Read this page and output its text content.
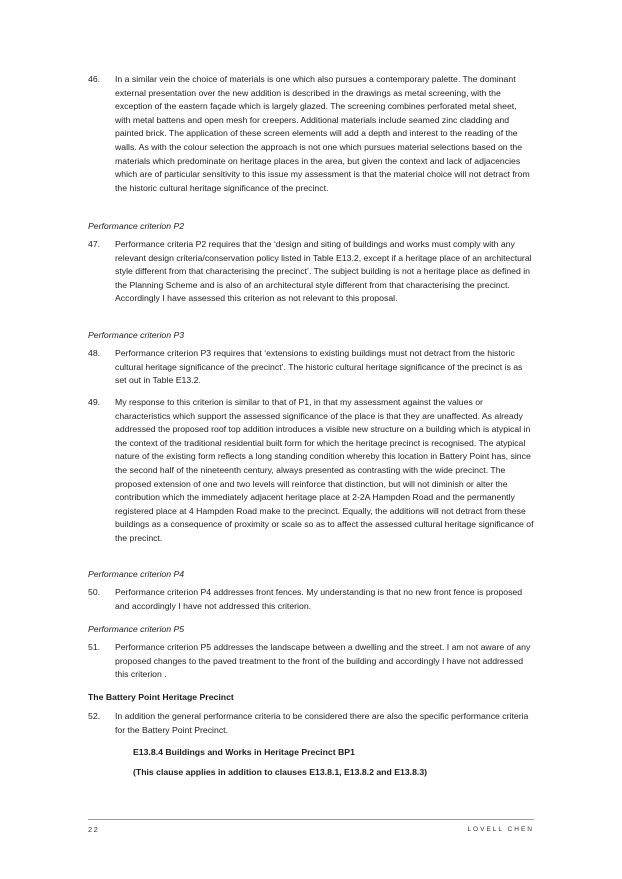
46. In a similar vein the choice of materials is one which also pursues a contemporary palette. The dominant external presentation over the new addition is described in the drawings as metal screening, with the exception of the eastern façade which is largely glazed. The screening combines perforated metal sheet, with metal battens and open mesh for creepers. Additional materials include seamed zinc cladding and painted brick. The application of these screen elements will add a depth and interest to the reading of the walls. As with the colour selection the approach is not one which pursues material selections based on the materials which predominate on heritage places in the area, but given the context and lack of adjacencies which are of particular sensitivity to this issue my assessment is that the material choice will not detract from the historic cultural heritage significance of the precinct.
Performance criterion P2
47. Performance criteria P2 requires that the ‘design and siting of buildings and works must comply with any relevant design criteria/conservation policy listed in Table E13.2, except if a heritage place of an architectural style different from that characterising the precinct’. The subject building is not a heritage place as defined in the Planning Scheme and is also of an architectural style different from that characterising the precinct. Accordingly I have assessed this criterion as not relevant to this proposal.
Performance criterion P3
48. Performance criterion P3 requires that ‘extensions to existing buildings must not detract from the historic cultural heritage significance of the precinct’. The historic cultural heritage significance of the precinct is as set out in Table E13.2.
49. My response to this criterion is similar to that of P1, in that my assessment against the values or characteristics which support the assessed significance of the place is that they are unaffected. As already addressed the proposed roof top addition introduces a visible new structure on a building which is atypical in the context of the traditional residential built form for which the heritage precinct is recognised. The atypical nature of the existing form reflects a long standing condition whereby this location in Battery Point has, since the second half of the nineteenth century, always presented as contrasting with the wide precinct. The proposed extension of one and two levels will reinforce that distinction, but will not diminish or alter the contribution which the immediately adjacent heritage place at 2-2A Hampden Road and the permanently registered place at 4 Hampden Road make to the precinct. Equally, the additions will not detract from these buildings as a consequence of proximity or scale so as to affect the assessed cultural heritage significance of the precinct.
Performance criterion P4
50. Performance criterion P4 addresses front fences. My understanding is that no new front fence is proposed and accordingly I have not addressed this criterion.
Performance criterion P5
51. Performance criterion P5 addresses the landscape between a dwelling and the street. I am not aware of any proposed changes to the paved treatment to the front of the building and accordingly I have not addressed this criterion .
The Battery Point Heritage Precinct
52. In addition the general performance criteria to be considered there are also the specific performance criteria for the Battery Point Precinct.
E13.8.4 Buildings and Works in Heritage Precinct BP1
(This clause applies in addition to clauses E13.8.1, E13.8.2 and E13.8.3)
22	LOVELL CHEN
